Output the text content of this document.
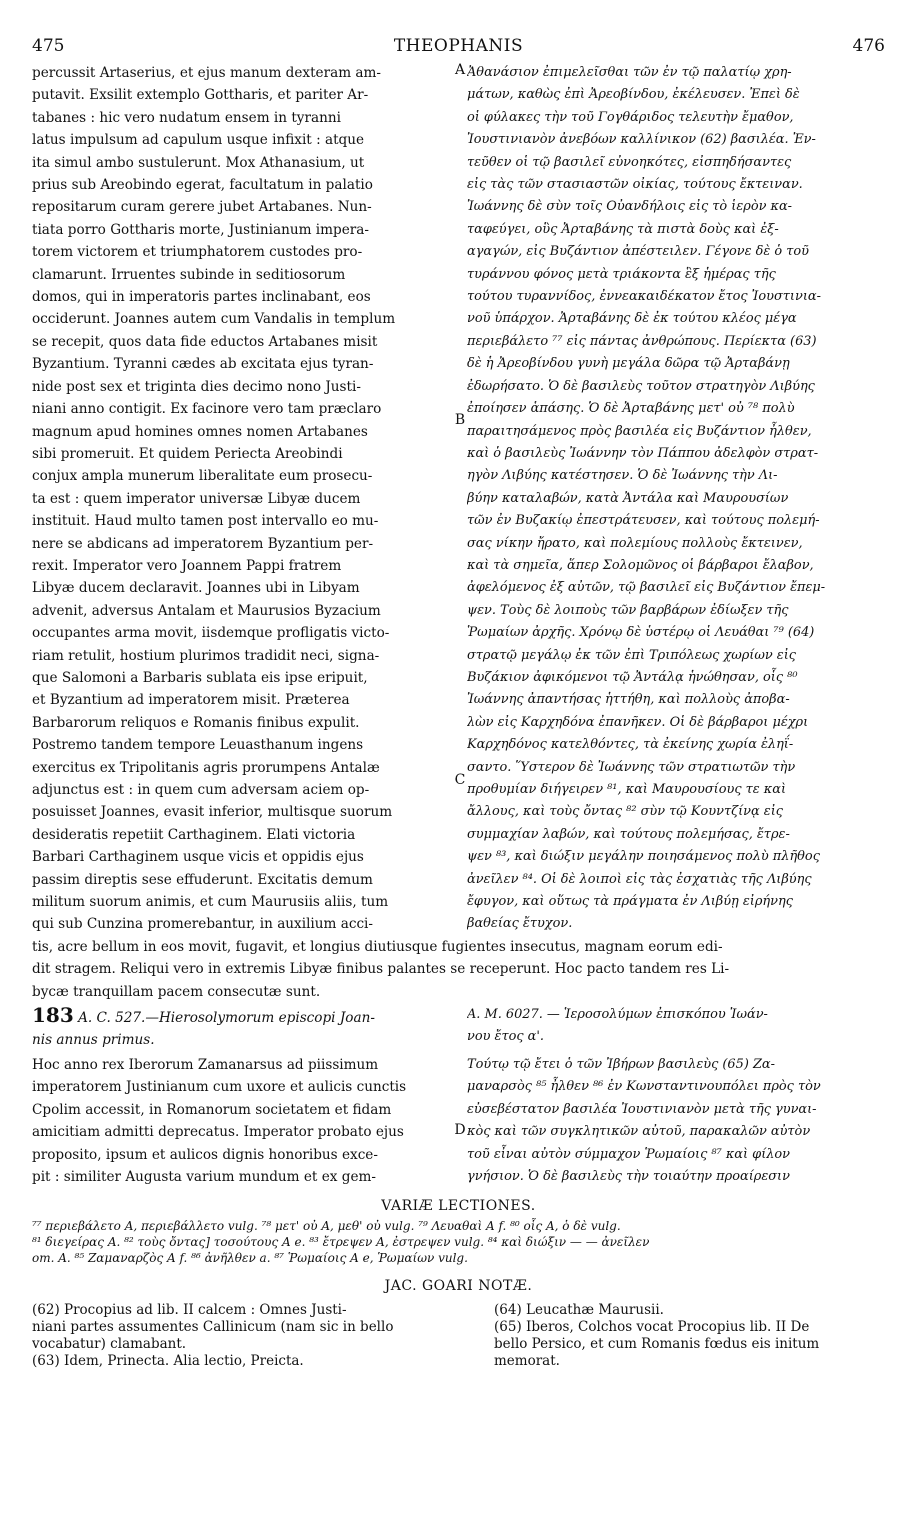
475	THEOPHANIS	476
percussit Artaserius, et ejus manum dexteram am-
putavit. Exsilit extemplo Gottharis, et pariter Ar-
tabanes : hic vero nudatum ensem in tyranni
latus impulsum ad capulum usque infixit : atque
ita simul ambo sustulerunt. Mox Athanasium, ut
prius sub Areobindo egerat, facultatum in palatio
repositarum curam gerere jubet Artabanes. Nun-
tiata porro Gottharis morte, Justinianum impera-
torem victorem et triumphatorem custodes pro-
clamarunt. Irruentes subinde in seditiosorum
domos, qui in imperatoris partes inclinabant, eos
occiderunt. Joannes autem cum Vandalis in templum
se recepit, quos data fide eductos Artabanes misit
Byzantium. Tyranni cædes ab excitata ejus tyran-
nide post sex et triginta dies decimo nono Justi-
niani anno contigit. Ex facinore vero tam præclaro
magnum apud homines omnes nomen Artabanes
sibi promeruit. Et quidem Periecta Areobindi
conjux ampla munerum liberalitate eum prosecu-
ta est : quem imperator universæ Libyæ ducem
instituit. Haud multo tamen post intervallo eo mu-
nere se abdicans ad imperatorem Byzantium per-
rexit. Imperator vero Joannem Pappi fratrem
Libyæ ducem declaravit. Joannes ubi in Libyam
advenit, adversus Antalam et Maurusios Byzacium
occupantes arma movit, iisdemque profligatis victo-
riam retulit, hostium plurimos tradidit neci, signa-
que Salomoni a Barbaris sublata eis ipse eripuit,
et Byzantium ad imperatorem misit. Præterea
Barbarorum reliquos e Romanis finibus expulit.
Postremo tandem tempore Leuasthanum ingens
exercitus ex Tripolitanis agris prorumpens Antalæ
adjunctus est : in quem cum adversam aciem op-
posuisset Joannes, evasit inferior, multisque suorum
desideratis repetiit Carthaginem. Elati victoria
Barbari Carthaginem usque vicis et oppidis ejus
passim direptis sese effuderunt. Excitatis demum
militum suorum animis, et cum Maurusiis aliis, tum
qui sub Cunzina promerebantur, in auxilium acci-
Ἀθανάσιον ἐπιμελεῖσθαι τῶν ἐν τῷ παλατίῳ χρη-
μάτων, καθὼς ἐπὶ Ἀρεοβίνδου, ἐκέλευσεν. Ἐπεὶ δὲ
οἱ φύλακες τὴν τοῦ Γογθάριδος τελευτὴν ἔμαθον,
Ἰουστινιανὸν ἀνεβόων καλλίνικον (62) βασιλέα. Ἐν-
τεῦθεν οἱ τῷ βασιλεῖ εὐνοηκότες, εἰσπηδήσαντες
εἰς τὰς τῶν στασιαστῶν οἰκίας, τούτους ἔκτειναν.
Ἰωάννης δὲ σὺν τοῖς Οὐανδήλοις εἰς τὸ ἱερὸν κα-
ταφεύγει, οὓς Ἀρταβάνης τὰ πιστὰ δοὺς καὶ ἐξ-
αγαγών, εἰς Βυζάντιον ἀπέστειλεν. Γέγονε δὲ ὁ τοῦ
τυράννου φόνος μετὰ τριάκοντα ἓξ ἡμέρας τῆς
τούτου τυραννίδος, ἐννεακαιδέκατον ἔτος Ἰουστινια-
νοῦ ὑπάρχον. Ἀρταβάνης δὲ ἐκ τούτου κλέος μέγα
περιεβάλετο ⁷⁷ εἰς πάντας ἀνθρώπους. Περίεκτα (63)
δὲ ἡ Ἀρεοβίνδου γυνὴ μεγάλα δῶρα τῷ Ἀρταβάνῃ
ἐδωρήσατο. Ὁ δὲ βασιλεὺς τοῦτον στρατηγὸν Λιβύης
ἐποίησεν ἁπάσης. Ὁ δὲ Ἀρταβάνης μετ' οὐ ⁷⁸ πολὺ
παραιτησάμενος πρὸς βασιλέα εἰς Βυζάντιον ἦλθεν,
καὶ ὁ βασιλεὺς Ἰωάννην τὸν Πάππου ἀδελφὸν στρατ-
ηγὸν Λιβύης κατέστησεν. Ὁ δὲ Ἰωάννης τὴν Λι-
βύην καταλαβών, κατὰ Ἀντάλα καὶ Μαυρουσίων
τῶν ἐν Βυζακίῳ ἐπεστράτευσεν, καὶ τούτους πολεμή-
σας νίκην ἤρατο, καὶ πολεμίους πολλοὺς ἔκτεινεν,
καὶ τὰ σημεῖα, ἅπερ Σολομῶνος οἱ βάρβαροι ἔλαβον,
ἀφελόμενος ἐξ αὐτῶν, τῷ βασιλεῖ εἰς Βυζάντιον ἔπεμ-
ψεν. Τοὺς δὲ λοιποὺς τῶν βαρβάρων ἐδίωξεν τῆς
Ῥωμαίων ἀρχῆς. Χρόνῳ δὲ ὑστέρῳ οἱ Λευάθαι ⁷⁹ (64)
στρατῷ μεγάλῳ ἐκ τῶν ἐπὶ Τριπόλεως χωρίων εἰς
Βυζάκιον ἀφικόμενοι τῷ Ἀντάλᾳ ἡνώθησαν, οἷς ⁸⁰
Ἰωάννης ἀπαντήσας ἡττήθη, καὶ πολλοὺς ἀποβα-
λὼν εἰς Καρχηδόνα ἐπανῆκεν. Οἱ δὲ βάρβαροι μέχρι
Καρχηδόνος κατελθόντες, τὰ ἐκείνης χωρία ἐληΐ-
σαντο. Ὕστερον δὲ Ἰωάννης τῶν στρατιωτῶν τὴν
προθυμίαν διήγειρεν ⁸¹, καὶ Μαυρουσίους τε καὶ
ἄλλους, καὶ τοὺς ὄντας ⁸² σὺν τῷ Κουντζίνᾳ εἰς
συμμαχίαν λαβών, καὶ τούτους πολεμήσας, ἔτρε-
ψεν ⁸³, καὶ διώξιν μεγάλην ποιησάμενος πολὺ πλῆθος
ἀνεῖλεν ⁸⁴. Οἱ δὲ λοιποὶ εἰς τὰς ἐσχατιὰς τῆς Λιβύης
ἔφυγον, καὶ οὕτως τὰ πράγματα ἐν Λιβύῃ εἰρήνης
βαθείας ἔτυχον.
A
B
C
D
tis, acre bellum in eos movit, fugavit, et longius diutiusque fugientes insecutus, magnam eorum edi-
dit stragem. Reliqui vero in extremis Libyæ finibus palantes se receperunt. Hoc pacto tandem res Li-
bycæ tranquillam pacem consecutæ sunt.
183 A. C. 527.—Hierosolymorum episcopi Joan-
nis annus primus.
A. M. 6027. — Ἱεροσολύμων ἐπισκόπου Ἰωάν-
νου ἔτος α'.
Hoc anno rex Iberorum Zamanarsus ad piissimum
imperatorem Justinianum cum uxore et aulicis cunctis
Cpolim accessit, in Romanorum societatem et fidam
amicitiam admitti deprecatus. Imperator probato ejus
proposito, ipsum et aulicos dignis honoribus exce-
pit : similiter Augusta varium mundum et ex gem-
Τούτῳ τῷ ἔτει ὁ τῶν Ἰβήρων βασιλεὺς (65) Ζα-
μαναρσὸς ⁸⁵ ἦλθεν ⁸⁶ ἐν Κωνσταντινουπόλει πρὸς τὸν
εὐσεβέστατον βασιλέα Ἰουστινιανὸν μετὰ τῆς γυναι-
κὸς καὶ τῶν συγκλητικῶν αὐτοῦ, παρακαλῶν αὐτὸν
τοῦ εἶναι αὐτὸν σύμμαχον Ῥωμαίοις ⁸⁷ καὶ φίλον
γνήσιον. Ὁ δὲ βασιλεὺς τὴν τοιαύτην προαίρεσιν
VARIÆ LECTIONES.
⁷⁷ περιεβάλετο A, περιεβάλλετο vulg. ⁷⁸ μετ' οὐ A, μεθ' οὐ vulg. ⁷⁹ Λευαθαὶ A f. ⁸⁰ οἷς A, ὁ δὲ vulg.
⁸¹ διεγείρας A. ⁸² τοὺς ὄντας] τοσούτους A e. ⁸³ ἔτρεψεν A, ἐστρεψεν vulg. ⁸⁴ καὶ διώξιν — — ἀνεῖλεν
om. A. ⁸⁵ Ζαμαναρζὸς A f. ⁸⁶ ἀνῆλθεν a. ⁸⁷ Ῥωμαίοις A e, Ῥωμαίων vulg.
JAC. GOARI NOTÆ.
(62) Procopius ad lib. II calcem : Omnes Justi-
niani partes assumentes Callinicum (nam sic in bello
vocabatur) clamabant.
(63) Idem, Prinecta. Alia lectio, Preicta.
(64) Leucathæ Maurusii.
(65) Iberos, Colchos vocat Procopius lib. II De
bello Persico, et cum Romanis fœdus eis initum
memorat.
